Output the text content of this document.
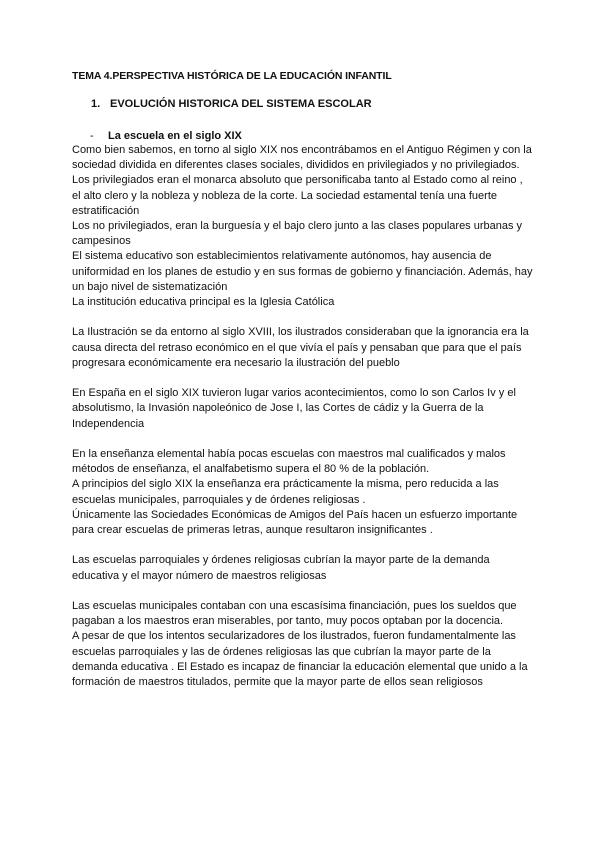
TEMA 4.PERSPECTIVA HISTÓRICA DE LA EDUCACIÓN INFANTIL
1. EVOLUCIÓN HISTORICA DEL SISTEMA ESCOLAR
- La escuela en el siglo XIX

Como bien sabemos, en torno al siglo XIX nos encontrábamos en el Antiguo Régimen y con la sociedad dividida en diferentes clases sociales, divididos en privilegiados y no privilegiados.

Los privilegiados eran el monarca absoluto que personificaba tanto al Estado como al reino , el alto clero y la nobleza y nobleza de la corte. La sociedad estamental tenía una fuerte estratificación

Los no privilegiados, eran la burguesía y el bajo clero junto a las clases populares urbanas y campesinos

El sistema educativo son establecimientos relativamente autónomos, hay ausencia de uniformidad en los planes de estudio y en sus formas de gobierno y financiación. Además, hay un bajo nivel de sistematización

La institución educativa principal es la Iglesia Católica

La Ilustración se da entorno al siglo XVIII, los ilustrados consideraban que la ignorancia era la causa directa del retraso económico en el que vivía el país y pensaban que para que el país progresara económicamente era necesario la ilustración del pueblo

En España en el siglo XIX tuvieron lugar varios acontecimientos, como lo son Carlos Iv y el absolutismo, la Invasión napoleónico de Jose I, las Cortes de cádiz y la Guerra de la Independencia

En la enseñanza elemental había pocas escuelas con maestros mal cualificados y malos métodos de enseñanza, el analfabetismo supera el 80 % de la población.

A principios del siglo XIX la enseñanza era prácticamente la misma, pero reducida a las escuelas municipales, parroquiales y de órdenes religiosas .

Únicamente las Sociedades Económicas de Amigos del País hacen un esfuerzo importante para crear escuelas de primeras letras, aunque resultaron insignificantes .

Las escuelas parroquiales y órdenes religiosas cubrían la mayor parte de la demanda educativa y el mayor número de maestros religiosas

Las escuelas municipales contaban con una escasísima financiación, pues los sueldos que pagaban a los maestros eran miserables, por tanto, muy pocos optaban por la docencia.

A pesar de que los intentos secularizadores de los ilustrados, fueron fundamentalmente las escuelas parroquiales y las de órdenes religiosas las que cubrían la mayor parte de la demanda educativa . El Estado es incapaz de financiar la educación elemental que unido a la formación de maestros titulados, permite que la mayor parte de ellos sean religiosos
